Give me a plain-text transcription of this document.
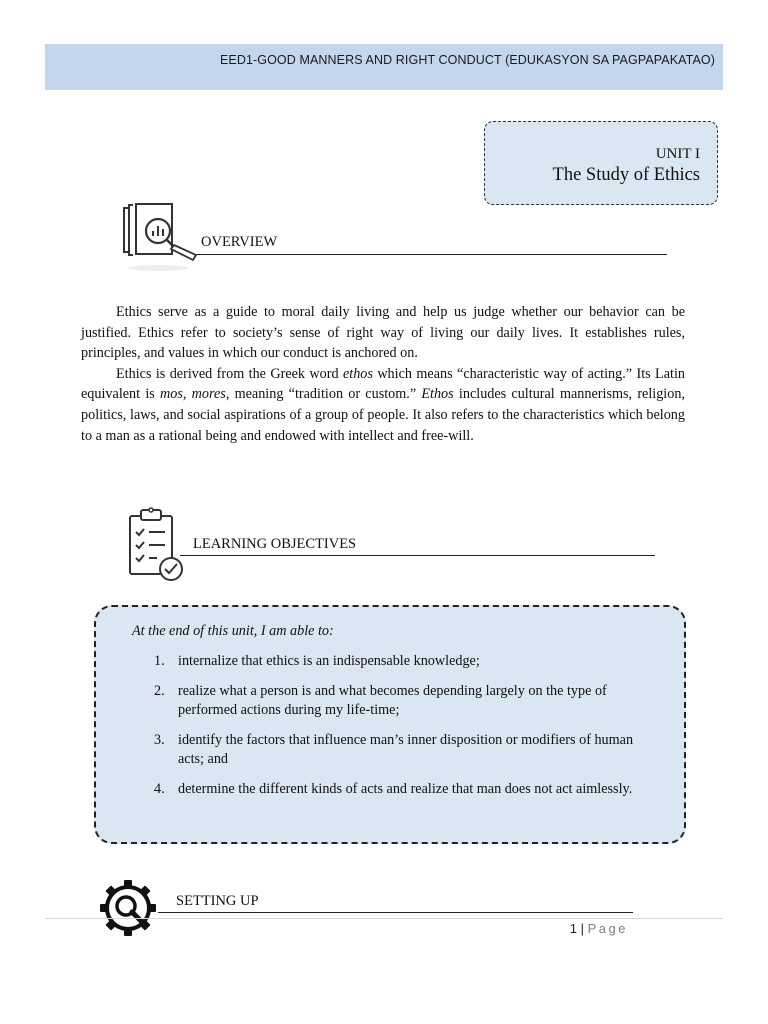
EED1-GOOD MANNERS AND RIGHT CONDUCT (EDUKASYON SA PAGPAPAKATAO)
UNIT I
The Study of Ethics
OVERVIEW

Ethics serve as a guide to moral daily living and help us judge whether our behavior can be justified. Ethics refer to society’s sense of right way of living our daily lives. It establishes rules, principles, and values in which our conduct is anchored on.

Ethics is derived from the Greek word ethos which means “characteristic way of acting.” Its Latin equivalent is mos, mores, meaning “tradition or custom.” Ethos includes cultural mannerisms, religion, politics, laws, and social aspirations of a group of people. It also refers to the characteristics which belong to a man as a rational being and endowed with intellect and free-will.

LEARNING OBJECTIVES
At the end of this unit, I am able to:
1. internalize that ethics is an indispensable knowledge;
2. realize what a person is and what becomes depending largely on the type of performed actions during my life-time;
3. identify the factors that influence man’s inner disposition or modifiers of human acts; and
4. determine the different kinds of acts and realize that man does not act aimlessly.
SETTING UP
1 | Page
